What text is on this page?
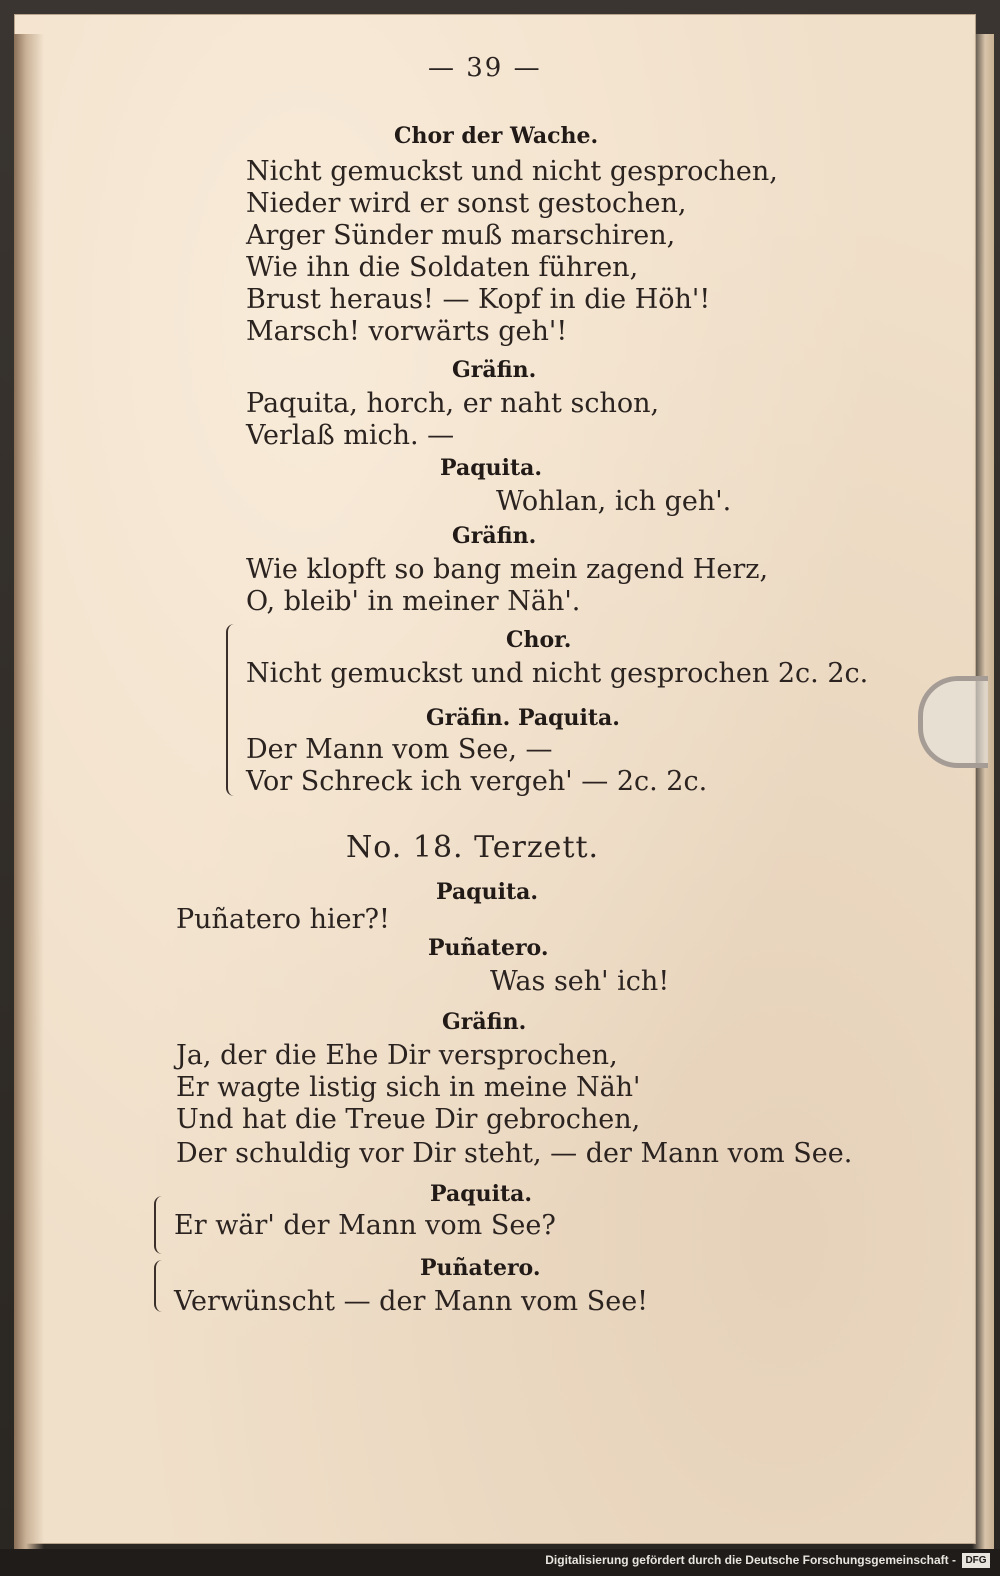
— 39 —
Chor der Wache.
Nicht gemuckst und nicht gesprochen,
Nieder wird er sonst gestochen,
Arger Sünder muß marschiren,
Wie ihn die Soldaten führen,
Brust heraus! — Kopf in die Höh'!
Marsch! vorwärts geh'!
Gräfin.
Paquita, horch, er naht schon,
Verlaß mich. —
Paquita.
Wohlan, ich geh'.
Gräfin.
Wie klopft so bang mein zagend Herz,
O, bleib' in meiner Näh'.
Chor.
Nicht gemuckst und nicht gesprochen 2c. 2c.
Gräfin. Paquita.
Der Mann vom See, —
Vor Schreck ich vergeh' — 2c. 2c.
No. 18. Terzett.
Paquita.
Puñatero hier?!
Puñatero.
Was seh' ich!
Gräfin.
Ja, der die Ehe Dir versprochen,
Er wagte listig sich in meine Näh'
Und hat die Treue Dir gebrochen,
Der schuldig vor Dir steht, — der Mann vom See.
Paquita.
Er wär' der Mann vom See?
Puñatero.
Verwünscht — der Mann vom See!
Digitalisierung gefördert durch die Deutsche Forschungsgemeinschaft - DFG
